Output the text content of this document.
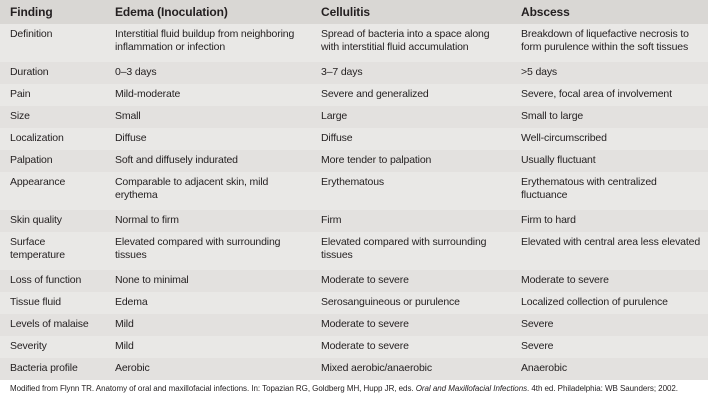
Finding	Edema (Inoculation)	Cellulitis	Abscess
Definition	Interstitial fluid buildup from neighboring inflammation or infection	Spread of bacteria into a space along with interstitial fluid accumulation	Breakdown of liquefactive necrosis to form purulence within the soft tissues
Duration	0–3 days	3–7 days	>5 days
Pain	Mild-moderate	Severe and generalized	Severe, focal area of involvement
Size	Small	Large	Small to large
Localization	Diffuse	Diffuse	Well-circumscribed
Palpation	Soft and diffusely indurated	More tender to palpation	Usually fluctuant
Appearance	Comparable to adjacent skin, mild erythema	Erythematous	Erythematous with centralized fluctuance
Skin quality	Normal to firm	Firm	Firm to hard
Surface temperature	Elevated compared with surrounding tissues	Elevated compared with surrounding tissues	Elevated with central area less elevated
Loss of function	None to minimal	Moderate to severe	Moderate to severe
Tissue fluid	Edema	Serosanguineous or purulence	Localized collection of purulence
Levels of malaise	Mild	Moderate to severe	Severe
Severity	Mild	Moderate to severe	Severe
Bacteria profile	Aerobic	Mixed aerobic/anaerobic	Anaerobic
Modified from Flynn TR. Anatomy of oral and maxillofacial infections. In: Topazian RG, Goldberg MH, Hupp JR, eds. Oral and Maxillofacial Infections. 4th ed. Philadelphia: WB Saunders; 2002.
